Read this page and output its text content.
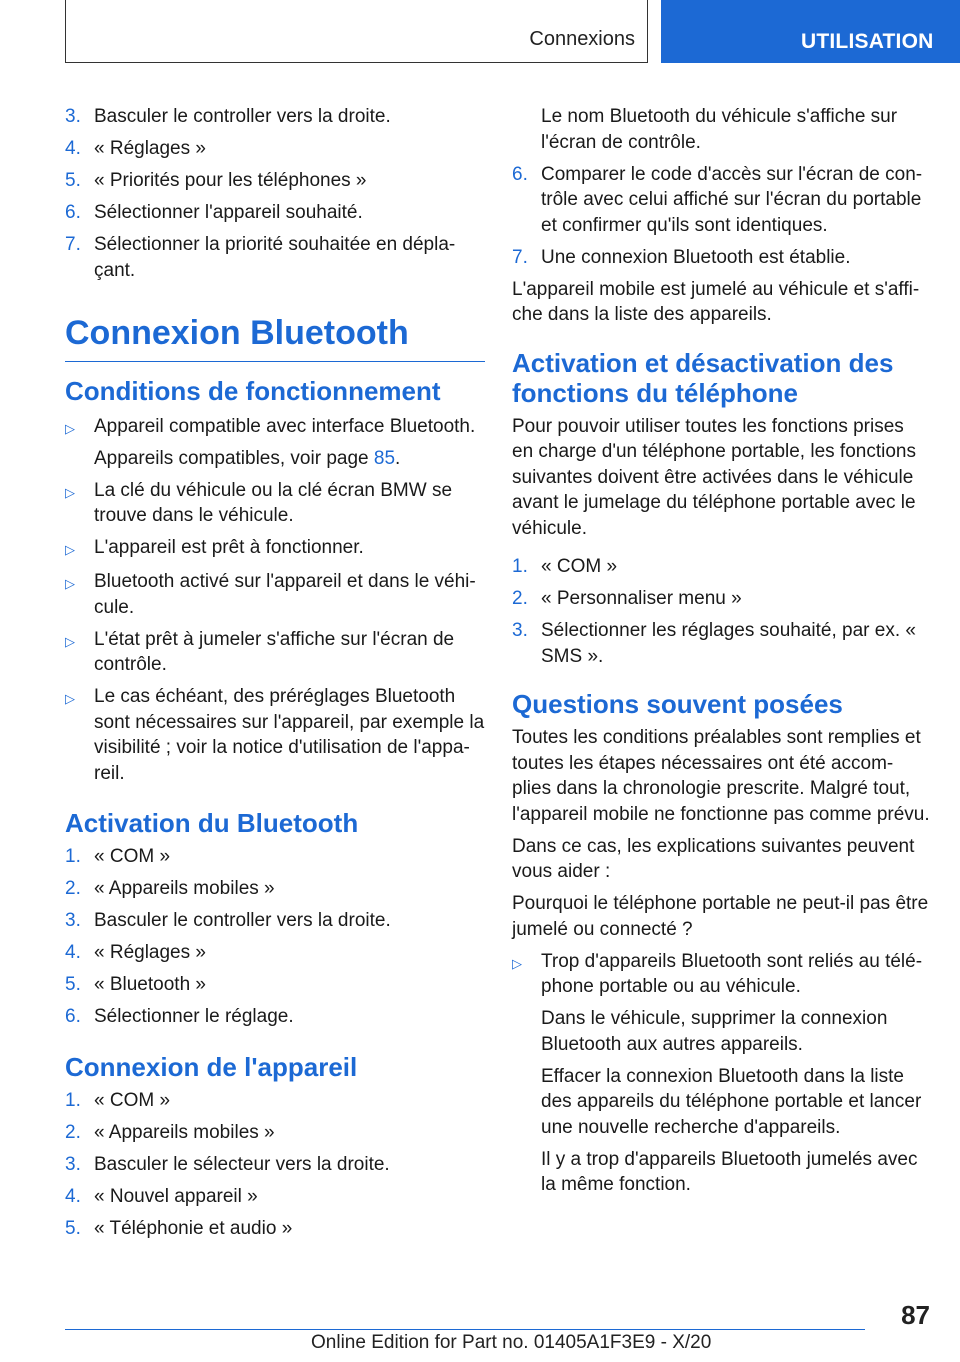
Connexions	UTILISATION
3. Basculer le controller vers la droite.
4. « Réglages »
5. « Priorités pour les téléphones »
6. Sélectionner l'appareil souhaité.
7. Sélectionner la priorité souhaitée en dépla‐
çant.
Connexion Bluetooth
Conditions de fonctionnement
▷	Appareil compatible avec interface Bluetooth.

Appareils compatibles, voir page 85.

▷	La clé du véhicule ou la clé écran BMW se trouve dans le véhicule.
▷	L'appareil est prêt à fonctionner.
▷	Bluetooth activé sur l'appareil et dans le véhi‐ cule.
▷	L'état prêt à jumeler s'affiche sur l'écran de contrôle.
▷	Le cas échéant, des préréglages Bluetooth sont nécessaires sur l'appareil, par exemple la visibilité ; voir la notice d'utilisation de l'appa‐ reil.
Activation du Bluetooth
1. « COM »
2. « Appareils mobiles »
3. Basculer le controller vers la droite.
4. « Réglages »
5. « Bluetooth »
6. Sélectionner le réglage.
Connexion de l'appareil
1. « COM »
2. « Appareils mobiles »
3. Basculer le sélecteur vers la droite.
4. « Nouvel appareil »
5. « Téléphonie et audio »

Le nom Bluetooth du véhicule s'affiche sur l'écran de contrôle.

6. Comparer le code d'accès sur l'écran de con‐ trôle avec celui affiché sur l'écran du portable et confirmer qu'ils sont identiques.
7. Une connexion Bluetooth est établie.

L'appareil mobile est jumelé au véhicule et s'affi‐ che dans la liste des appareils.

Activation et désactivation des fonctions du téléphone

Pour pouvoir utiliser toutes les fonctions prises en charge d'un téléphone portable, les fonctions suivantes doivent être activées dans le véhicule avant le jumelage du téléphone portable avec le véhicule.

1. « COM »
2. « Personnaliser menu »
3. Sélectionner les réglages souhaité, par ex. « SMS ».
Questions souvent posées

Toutes les conditions préalables sont remplies et toutes les étapes nécessaires ont été accom‐ plies dans la chronologie prescrite. Malgré tout, l'appareil mobile ne fonctionne pas comme prévu.

Dans ce cas, les explications suivantes peuvent vous aider :

Pourquoi le téléphone portable ne peut-il pas être jumelé ou connecté ?

▷	Trop d'appareils Bluetooth sont reliés au télé‐ phone portable ou au véhicule.

Dans le véhicule, supprimer la connexion Bluetooth aux autres appareils.

Effacer la connexion Bluetooth dans la liste des appareils du téléphone portable et lancer une nouvelle recherche d'appareils.

Il y a trop d'appareils Bluetooth jumelés avec la même fonction.

87
Online Edition for Part no. 01405A1F3E9 - X/20
